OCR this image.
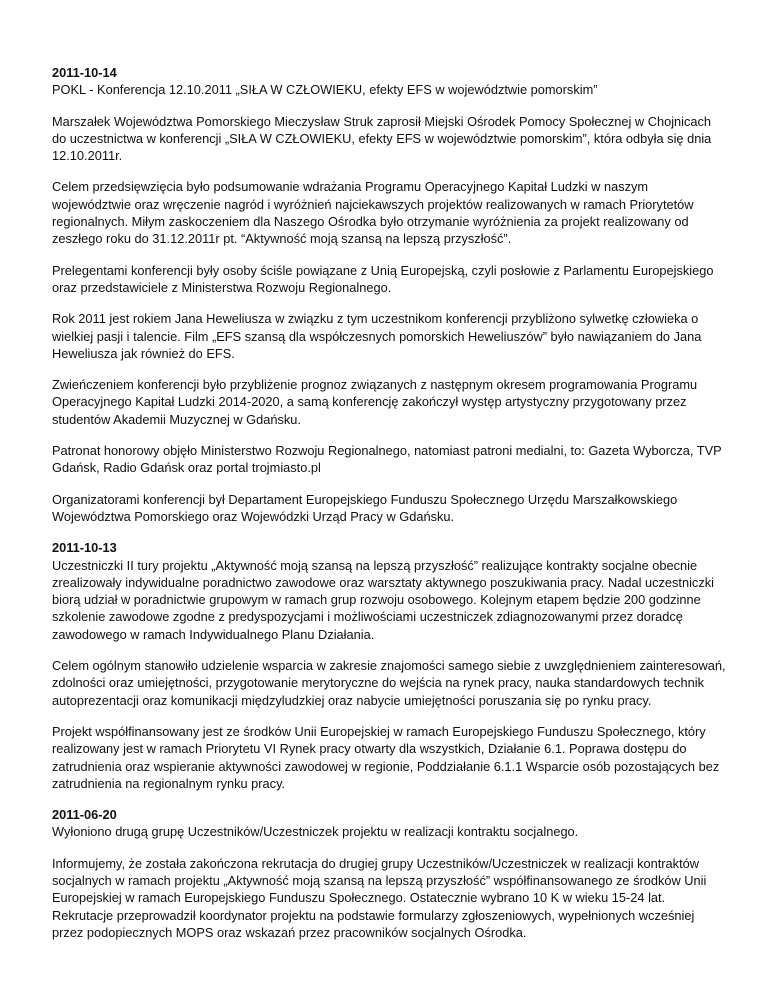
2011-10-14

POKL - Konferencja 12.10.2011 „SIŁA W CZŁOWIEKU, efekty EFS w województwie pomorskim”

Marszałek Województwa Pomorskiego Mieczysław Struk zaprosił Miejski Ośrodek Pomocy Społecznej w Chojnicach do uczestnictwa w konferencji „SIŁA W CZŁOWIEKU, efekty EFS w województwie pomorskim”, która odbyła się dnia 12.10.2011r.

Celem przedsięwzięcia było podsumowanie wdrażania Programu Operacyjnego Kapitał Ludzki w naszym województwie oraz wręczenie nagród i wyróżnień najciekawszych projektów realizowanych w ramach Priorytetów regionalnych. Miłym zaskoczeniem dla Naszego Ośrodka było otrzymanie wyróżnienia za projekt realizowany od zeszłego roku do 31.12.2011r pt. “Aktywność moją szansą na lepszą przyszłość”.

Prelegentami konferencji były osoby ściśle powiązane z Unią Europejską, czyli posłowie z Parlamentu Europejskiego oraz przedstawiciele z Ministerstwa Rozwoju Regionalnego.

Rok 2011 jest rokiem Jana Heweliusza w związku z tym uczestnikom konferencji przybliżono sylwetkę człowieka o wielkiej pasji i talencie. Film „EFS szansą dla współczesnych pomorskich Heweliuszów” było nawiązaniem do Jana Heweliusza jak również do EFS.

Zwieńczeniem konferencji było przybliżenie prognoz związanych z następnym okresem programowania Programu Operacyjnego Kapitał Ludzki 2014-2020, a samą konferencję zakończył występ artystyczny przygotowany przez studentów Akademii Muzycznej w Gdańsku.

Patronat honorowy objęło Ministerstwo Rozwoju Regionalnego, natomiast patroni medialni, to: Gazeta Wyborcza, TVP Gdańsk, Radio Gdańsk oraz portal trojmiasto.pl

Organizatorami konferencji był Departament Europejskiego Funduszu Społecznego Urzędu Marszałkowskiego Województwa Pomorskiego oraz Wojewódzki Urząd Pracy w Gdańsku.

2011-10-13

Uczestniczki II tury projektu „Aktywność moją szansą na lepszą przyszłość” realizujące kontrakty socjalne obecnie zrealizowały indywidualne poradnictwo zawodowe oraz warsztaty aktywnego poszukiwania pracy. Nadal uczestniczki biorą udział w poradnictwie grupowym w ramach grup rozwoju osobowego. Kolejnym etapem będzie 200 godzinne szkolenie zawodowe zgodne z predyspozycjami i możliwościami uczestniczek zdiagnozowanymi przez doradcę zawodowego w ramach Indywidualnego Planu Działania.

Celem ogólnym stanowiło udzielenie wsparcia w zakresie znajomości samego siebie z uwzględnieniem zainteresowań, zdolności oraz umiejętności, przygotowanie merytoryczne do wejścia na rynek pracy, nauka standardowych technik autoprezentacji oraz komunikacji międzyludzkiej oraz nabycie umiejętności poruszania się po rynku pracy.

Projekt współfinansowany jest ze środków Unii Europejskiej w ramach Europejskiego Funduszu Społecznego, który realizowany jest w ramach Priorytetu VI Rynek pracy otwarty dla wszystkich, Działanie 6.1. Poprawa dostępu do zatrudnienia oraz wspieranie aktywności zawodowej w regionie, Poddziałanie 6.1.1 Wsparcie osób pozostających bez zatrudnienia na regionalnym rynku pracy.

2011-06-20

Wyłoniono drugą grupę Uczestników/Uczestniczek projektu w realizacji kontraktu socjalnego.

Informujemy, że została zakończona rekrutacja do drugiej grupy Uczestników/Uczestniczek w realizacji kontraktów socjalnych w ramach projektu „Aktywność moją szansą na lepszą przyszłość” współfinansowanego ze środków Unii Europejskiej w ramach Europejskiego Funduszu Społecznego. Ostatecznie wybrano 10 K w wieku 15-24 lat. Rekrutacje przeprowadził koordynator projektu na podstawie formularzy zgłoszeniowych, wypełnionych wcześniej przez podopiecznych MOPS oraz wskazań przez pracowników socjalnych Ośrodka.
